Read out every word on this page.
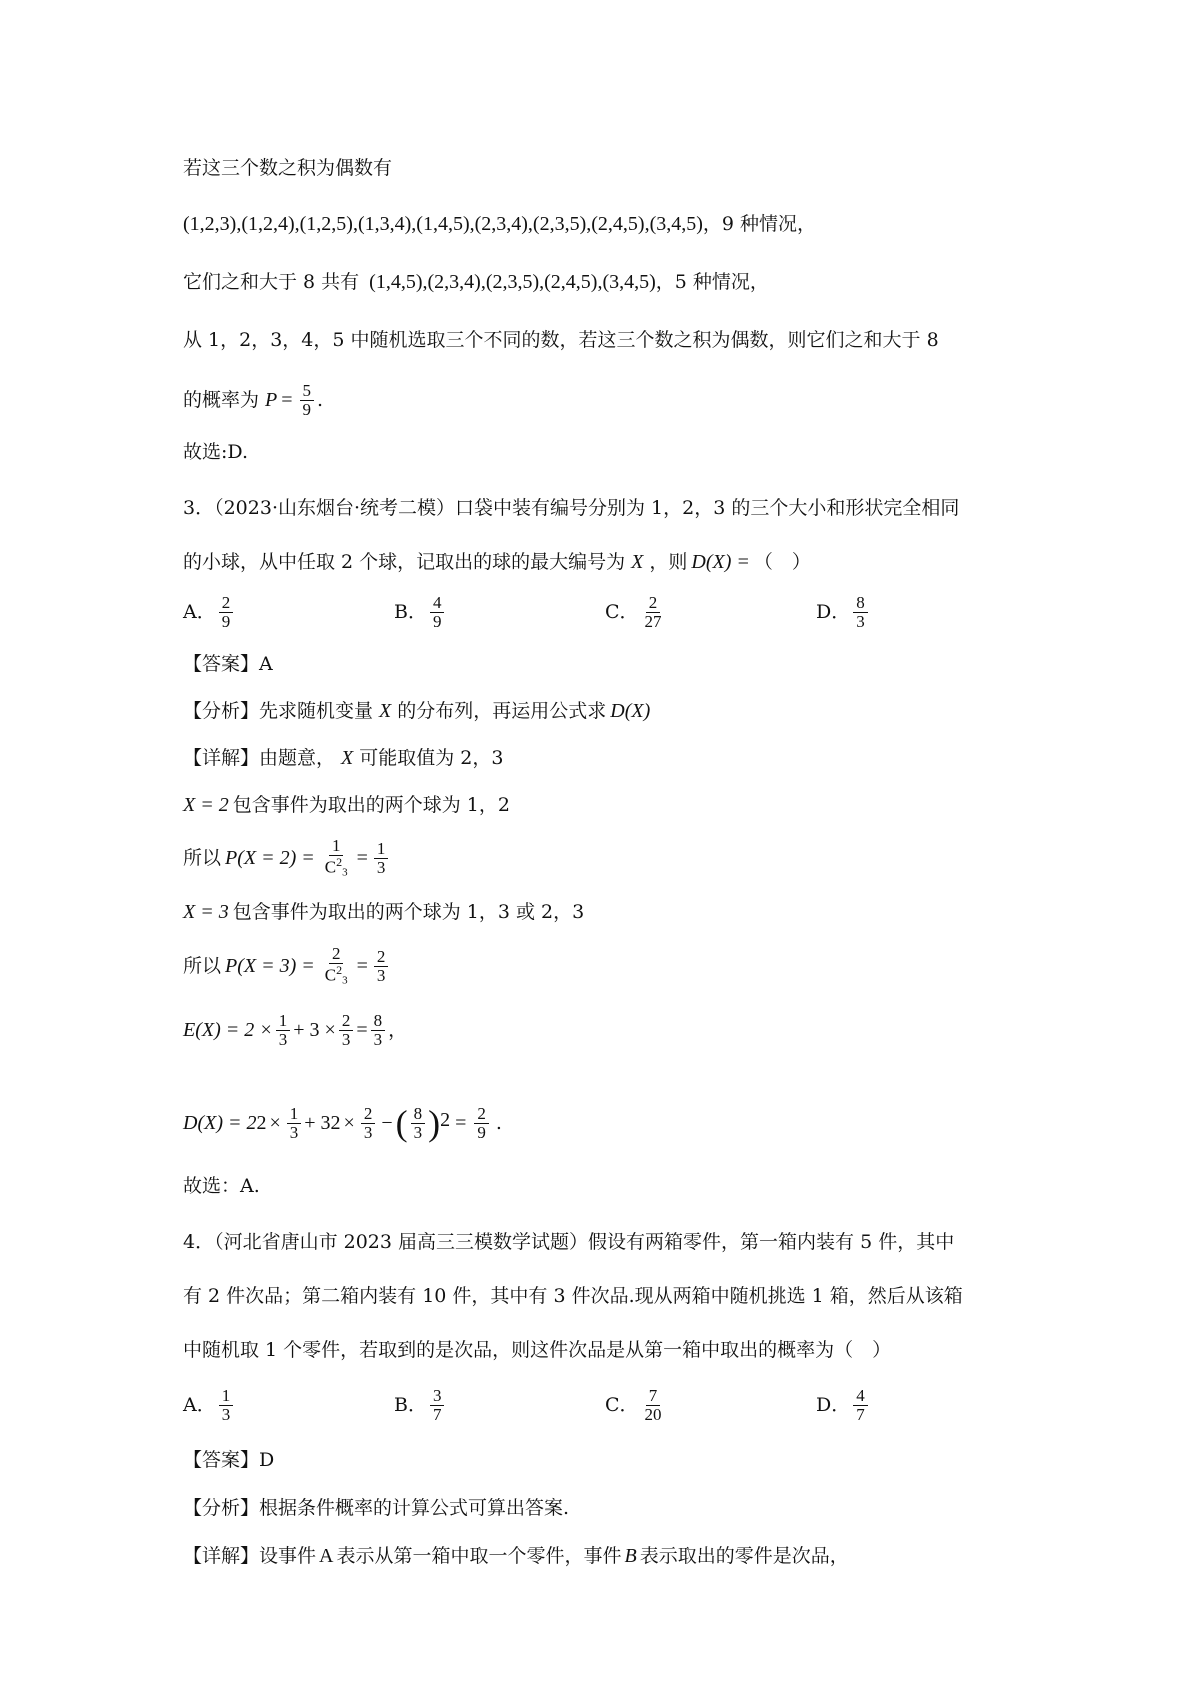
若这三个数之积为偶数有
(1,2,3),(1,2,4),(1,2,5),(1,3,4),(1,4,5),(2,3,4),(2,3,5),(2,4,5),(3,4,5) ，9 种情况，
它们之和大于 8 共有 (1,4,5),(2,3,4),(2,3,5),(2,4,5),(3,4,5) ，5 种情况，
从 1，2，3，4，5 中随机选取三个不同的数，若这三个数之积为偶数，则它们之和大于 8
的概率为 $P = \frac{5}{9}$ .
故选:D.
3．（2023·山东烟台·统考二模）口袋中装有编号分别为 1，2，3 的三个大小和形状完全相同
的小球，从中任取 2 个球，记取出的球的最大编号为 X ，则 D(X) = （　）
A． $\frac{2}{9}$	B． $\frac{4}{9}$	C． $\frac{2}{27}$	D． $\frac{8}{3}$
【答案】A
【分析】先求随机变量 X 的分布列，再运用公式求 D(X)
【详解】由题意， X 可能取值为 2，3
X = 2 包含事件为取出的两个球为 1，2
所以 $P(X = 2) = \frac{1}{C^2_3} = \frac{1}{3}$
X = 3 包含事件为取出的两个球为 1，3 或 2，3
所以 $P(X = 3) = \frac{2}{C^2_3} = \frac{2}{3}$
$E(X) = 2 \times \frac{1}{3} + 3 \times \frac{2}{3} = \frac{8}{3}$ ，
D(X) = 2 $2 \times \frac{1}{3} + 3$ $2 \times \frac{2}{3}$ − ( $\frac{8}{3}$ ) $2 = \frac{2}{9}$ .
故选：A.
4．（河北省唐山市 2023 届高三三模数学试题）假设有两箱零件，第一箱内装有 5 件，其中
有 2 件次品；第二箱内装有 10 件，其中有 3 件次品.现从两箱中随机挑选 1 箱，然后从该箱
中随机取 1 个零件，若取到的是次品，则这件次品是从第一箱中取出的概率为（　）
A． $\frac{1}{3}$	B． $\frac{3}{7}$	C． $\frac{7}{20}$	D． $\frac{4}{7}$
【答案】D
【分析】根据条件概率的计算公式可算出答案.
【详解】设事件 A 表示从第一箱中取一个零件，事件 B 表示取出的零件是次品，
